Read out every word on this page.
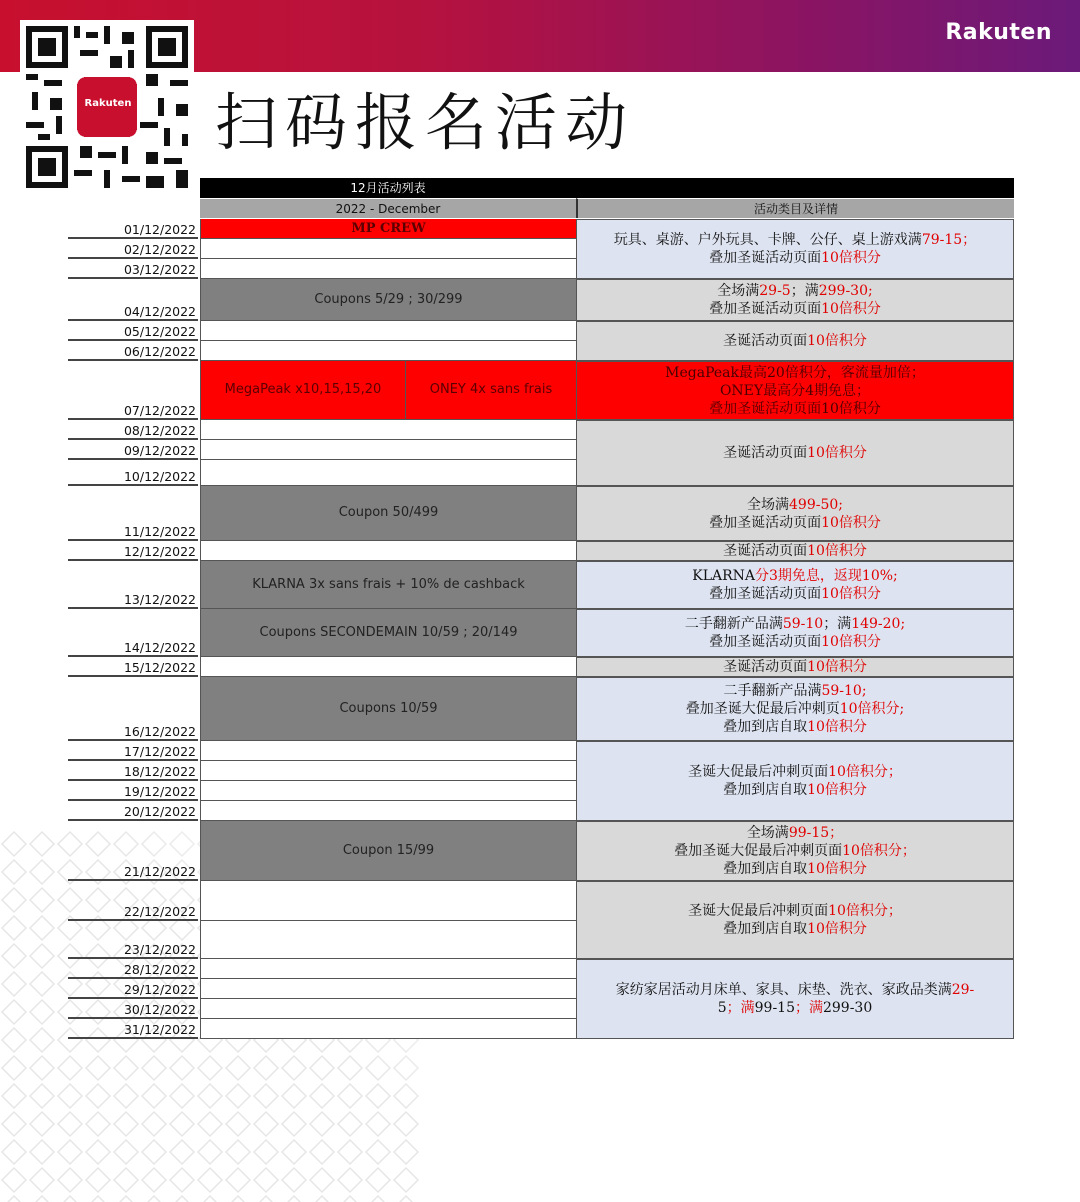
Rakuten
Rakuten 扫码报名活动
12月活动列表
2022 - December	活动类目及详情
01/12/2022
02/12/2022
03/12/2022
04/12/2022
05/12/2022
06/12/2022
07/12/2022
08/12/2022
09/12/2022
10/12/2022
11/12/2022
12/12/2022
13/12/2022
14/12/2022
15/12/2022
16/12/2022
17/12/2022
18/12/2022
19/12/2022
20/12/2022
21/12/2022
22/12/2022
23/12/2022
28/12/2022
29/12/2022
30/12/2022
31/12/2022
MP CREW
Coupons 5/29 ; 30/299
MegaPeak x10,15,15,20	ONEY 4x sans frais
Coupon 50/499
KLARNA 3x sans frais + 10% de cashback
Coupons SECONDEMAIN 10/59 ; 20/149
Coupons 10/59
Coupon 15/99
玩具、桌游、户外玩具、卡牌、公仔、桌上游戏满79-15；
叠加圣诞活动页面10倍积分
全场满29-5；满299-30;
叠加圣诞活动页面10倍积分
圣诞活动页面10倍积分
MegaPeak最高20倍积分，客流量加倍；
ONEY最高分4期免息；
叠加圣诞活动页面10倍积分
圣诞活动页面10倍积分
全场满499-50;
叠加圣诞活动页面10倍积分
圣诞活动页面10倍积分
KLARNA分3期免息，返现10%;
叠加圣诞活动页面10倍积分
二手翻新产品满59-10；满149-20;
叠加圣诞活动页面10倍积分
圣诞活动页面10倍积分
二手翻新产品满59-10;
叠加圣诞大促最后冲刺页10倍积分;
叠加到店自取10倍积分
圣诞大促最后冲刺页面10倍积分；
叠加到店自取10倍积分
全场满99-15；
叠加圣诞大促最后冲刺页面10倍积分；
叠加到店自取10倍积分
圣诞大促最后冲刺页面10倍积分；
叠加到店自取10倍积分
家纺家居活动月床单、家具、床垫、洗衣、家政品类满29-
5；满99-15；满299-30
